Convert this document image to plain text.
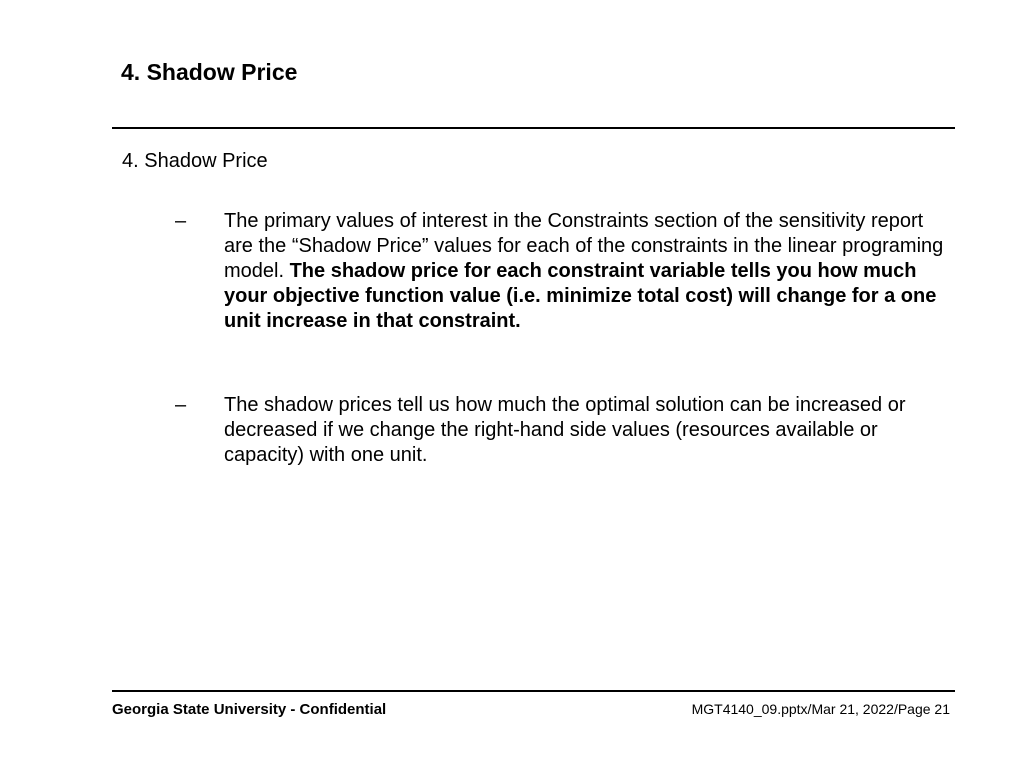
4. Shadow Price

4. Shadow Price

– The primary values of interest in the Constraints section of the sensitivity report are the “Shadow Price” values for each of the constraints in the linear programing model. The shadow price for each constraint variable tells you how much your objective function value (i.e. minimize total cost) will change for a one unit increase in that constraint.

– The shadow prices tell us how much the optimal solution can be increased or decreased if we change the right-hand side values (resources available or capacity) with one unit.

Georgia State University - Confidential	MGT4140_09.pptx/Mar 21, 2022/Page 21
